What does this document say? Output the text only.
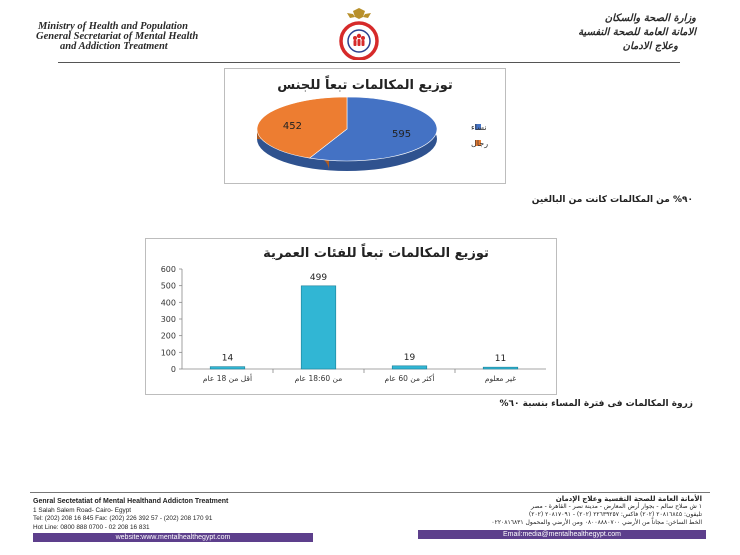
Ministry of Health and Population
General Secretariat of Mental Health
and Addiction Treatment
وزارة الصحة والسكان
الامانة العامة للصحة النفسية
وعلاج الادمان
توزيع المكالمات تبعاً للجنس
595
452	نساء
رجال
٩٠% من المكالمات كانت من البالغين
توزيع المكالمات تبعاً للفئات العمرية
0
100
200
300
400
500
600
14
أقل من 18 عام
499
من 18:60 عام
19
أكثر من 60 عام
11
غير معلوم
زروة المكالمات فى فترة المساء بنسبة ٦٠%
Genral Sectetatiat of Mental Healthand Addicton Treatment
1 Salah Salem Road- Cairo- Egypt
Tel: (202) 208 16 845 Fax: (202) 226 392 57 - (202) 208 170 91
Hot Line: 0800 888 0700 - 02 208 16 831
الأمانة العامة للصحة النفسية وعلاج الإدمان
١ ش صلاح سالم - بجوار أرض المعارض - مدينة نصر - القاهرة - مصر
تليفون: ٢٠٨١٦٨٤٥ (٢٠٢) فاكس: ٢٢٦٣٩٢٥٧ (٢٠٢) - ٢٠٨١٧٠٩١ (٢٠٢)
الخط الساخن: مجاناً من الأرضي ٠٨٠٠٨٨٨٠٧٠٠ ومن الأرضي والمحمول ٠٢٢٠٨١٦٨٣١
website:www.mentalhealthegypt.com	Email:media@mentalhealthegypt.com
